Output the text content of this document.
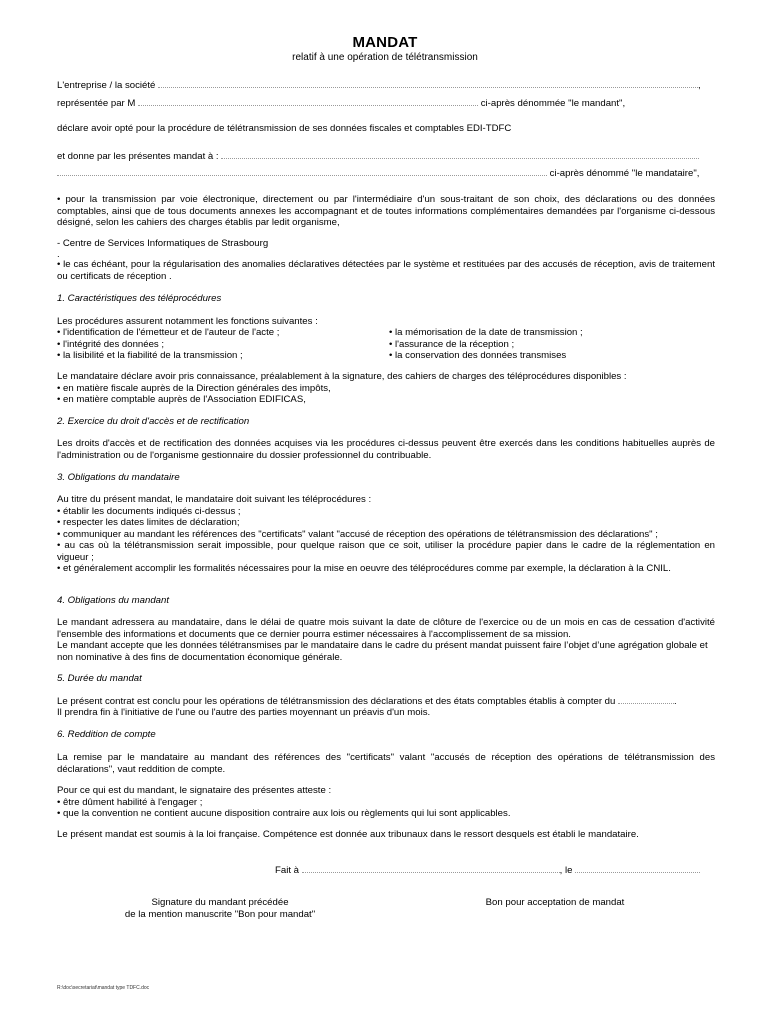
MANDAT
relatif à une opération de télétransmission
L'entreprise / la société	,
représentée par M	ci-après dénommée "le mandant",
déclare avoir opté pour la procédure de télétransmission de ses données fiscales et comptables EDI-TDFC
et donne par les présentes mandat à :
ci-après dénommé "le mandataire",
• pour la transmission par voie électronique, directement ou par l'intermédiaire d'un sous-traitant de son choix, des déclarations ou des données comptables, ainsi que de tous documents annexes les accompagnant et de toutes informations complémentaires demandées par l'organisme ci-dessous désigné, selon les cahiers des charges établis par ledit organisme,
- Centre de Services Informatiques de Strasbourg
.
• le cas échéant, pour la régularisation des anomalies déclaratives détectées par le système et restituées par des accusés de réception, avis de traitement ou certificats de réception .
1. Caractéristiques des téléprocédures
Les procédures assurent notamment les fonctions suivantes :
• l'identification de l'émetteur et de l'auteur de l'acte ;
• l'intégrité des données ;
• la lisibilité et la fiabilité de la transmission ;
• la mémorisation de la date de transmission ;
• l'assurance de la réception ;
• la conservation des données transmises
Le mandataire déclare avoir pris connaissance, préalablement à la signature, des cahiers de charges des téléprocédures disponibles :
• en matière fiscale auprès de la Direction générales des impôts,
• en matière comptable auprès de l'Association EDIFICAS,
2. Exercice du droit d'accès et de rectification
Les droits d'accès et de rectification des données acquises via les procédures ci-dessus peuvent être exercés dans les conditions habituelles auprès de l'administration ou de l'organisme gestionnaire du dossier professionnel du contribuable.
3. Obligations du mandataire
Au titre du présent mandat, le mandataire doit suivant les téléprocédures :
• établir les documents indiqués ci-dessus ;
• respecter les dates limites de déclaration;
• communiquer au mandant les références des "certificats" valant "accusé de réception des opérations de télétransmission des déclarations" ;
• au cas où la télétransmission serait impossible, pour quelque raison que ce soit, utiliser la procédure papier dans le cadre de la réglementation en vigueur ;
• et généralement accomplir les formalités nécessaires pour la mise en oeuvre des téléprocédures comme par exemple, la déclaration à la CNIL.
4. Obligations du mandant
Le mandant adressera au mandataire, dans le délai de quatre mois suivant la date de clôture de l'exercice ou de un mois en cas de cessation d'activité l'ensemble des informations et documents que ce dernier pourra estimer nécessaires à l'accomplissement de sa mission.
Le mandant accepte que les données télétransmises par le mandataire dans le cadre du présent mandat puissent faire l’objet d’une agrégation globale et non nominative à des fins de documentation économique générale.
5. Durée du mandat
Le présent contrat est conclu pour les opérations de télétransmission des déclarations et des états comptables établis à compter du	.
Il prendra fin à l'initiative de l'une ou l'autre des parties moyennant un préavis d'un mois.
6. Reddition de compte
La remise par le mandataire au mandant des références des "certificats" valant "accusés de réception des opérations de télétransmission des déclarations", vaut reddition de compte.
Pour ce qui est du mandant, le signataire des présentes atteste :
• être dûment habilité à l'engager ;
• que la convention ne contient aucune disposition contraire aux lois ou règlements qui lui sont applicables.
Le présent mandat est soumis à la loi française. Compétence est donnée aux tribunaux dans le ressort desquels est établi le mandataire.
Fait à	, le
Signature du mandant précédée
de la mention manuscrite "Bon pour mandat"
Bon pour acceptation de mandat
R:\doc\secretariat\mandat type TDFC.doc
